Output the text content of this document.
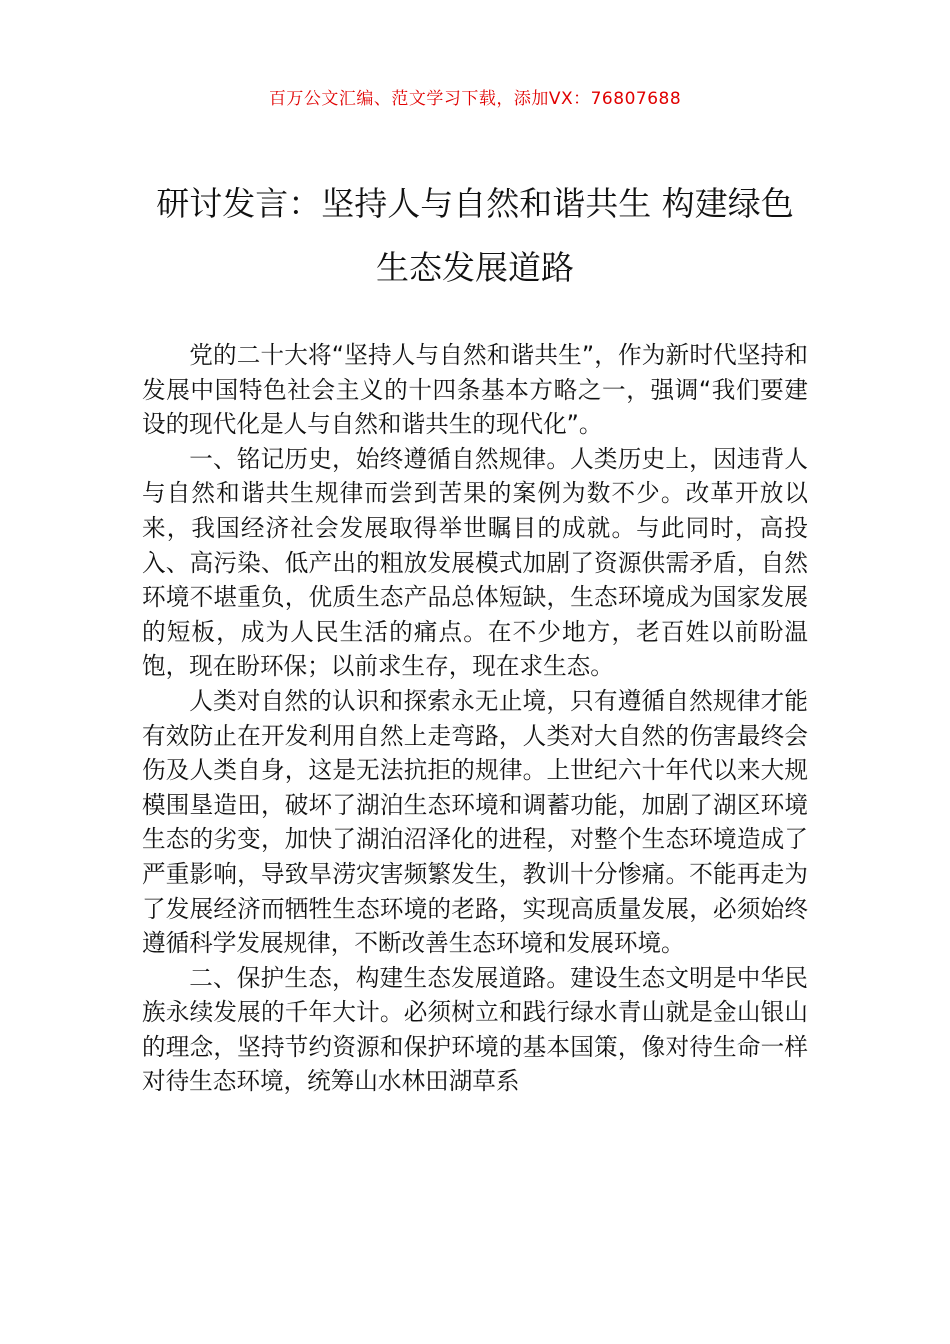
百万公文汇编、范文学习下载，添加VX：76807688
研讨发言：坚持人与自然和谐共生 构建绿色生态发展道路

党的二十大将“坚持人与自然和谐共生”，作为新时代坚持和发展中国特色社会主义的十四条基本方略之一，强调“我们要建设的现代化是人与自然和谐共生的现代化”。

一、铭记历史，始终遵循自然规律。人类历史上，因违背人与自然和谐共生规律而尝到苦果的案例为数不少。改革开放以来，我国经济社会发展取得举世瞩目的成就。与此同时，高投入、高污染、低产出的粗放发展模式加剧了资源供需矛盾，自然环境不堪重负，优质生态产品总体短缺，生态环境成为国家发展的短板，成为人民生活的痛点。在不少地方，老百姓以前盼温饱，现在盼环保；以前求生存，现在求生态。

人类对自然的认识和探索永无止境，只有遵循自然规律才能有效防止在开发利用自然上走弯路，人类对大自然的伤害最终会伤及人类自身，这是无法抗拒的规律。上世纪六十年代以来大规模围垦造田，破坏了湖泊生态环境和调蓄功能，加剧了湖区环境生态的劣变，加快了湖泊沼泽化的进程，对整个生态环境造成了严重影响，导致旱涝灾害频繁发生，教训十分惨痛。不能再走为了发展经济而牺牲生态环境的老路，实现高质量发展，必须始终遵循科学发展规律，不断改善生态环境和发展环境。

二、保护生态，构建生态发展道路。建设生态文明是中华民族永续发展的千年大计。必须树立和践行绿水青山就是金山银山的理念，坚持节约资源和保护环境的基本国策，像对待生命一样对待生态环境，统筹山水林田湖草系
